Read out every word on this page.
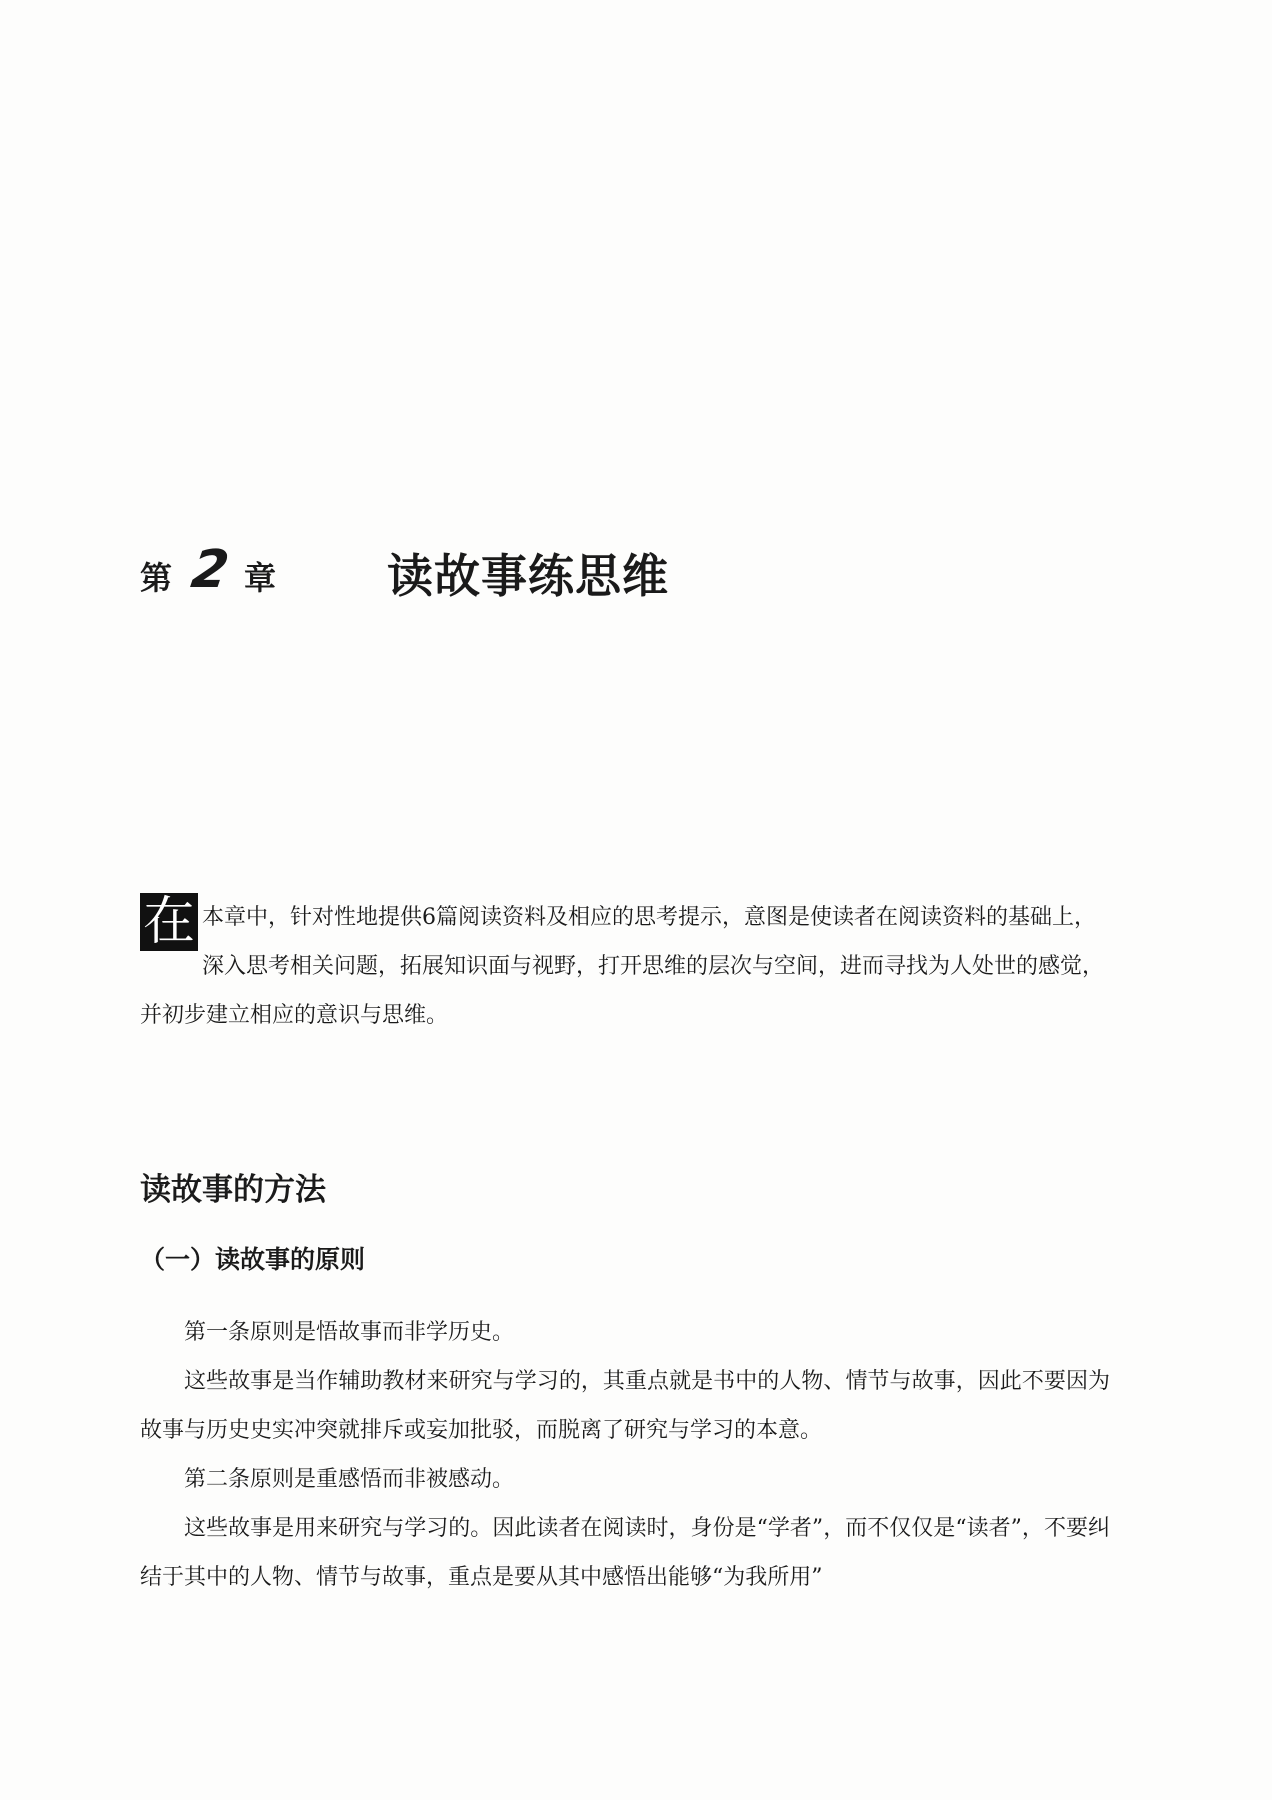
第 2 章 读故事练思维
在 本章中，针对性地提供6篇阅读资料及相应的思考提示，意图是使读者在阅读资料的基础上，深入思考相关问题，拓展知识面与视野，打开思维的层次与空间，进而寻找为人处世的感觉，并初步建立相应的意识与思维。
读故事的方法
（一）读故事的原则

第一条原则是悟故事而非学历史。

这些故事是当作辅助教材来研究与学习的，其重点就是书中的人物、情节与故事，因此不要因为故事与历史史实冲突就排斥或妄加批驳，而脱离了研究与学习的本意。

第二条原则是重感悟而非被感动。

这些故事是用来研究与学习的。因此读者在阅读时，身份是“学者”，而不仅仅是“读者”，不要纠结于其中的人物、情节与故事，重点是要从其中感悟出能够“为我所用”
